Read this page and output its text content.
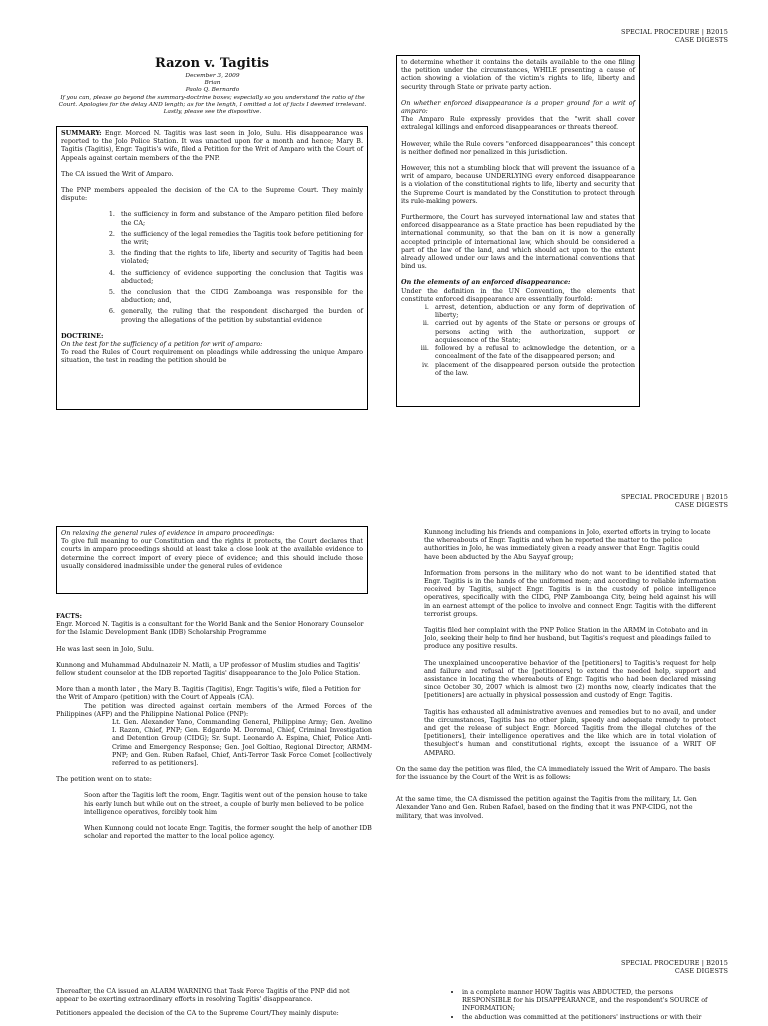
SPECIAL PROCEDURE | B2015
CASE DIGESTS
Razon v. Tagitis
December 3, 2009
Brian
Paolo Q. Bernardo
If you can, please go beyond the summary-doctrine boxes; especially so you understand the ratio of the Court. Apologies for the delay AND length; as for the length, I omitted a lot of facts I deemed irrelevant. Lastly, please see the dispositive.

SUMMARY: Engr. Morced N. Tagitis was last seen in Jolo, Sulu. His disappearance was reported to the Jolo Police Station. It was unacted upon for a month and hence; Mary B. Tagitis (Tagitis), Engr. Tagitis's wife, filed a Petition for the Writ of Amparo with the Court of Appeals against certain members of the the PNP.

The CA issued the Writ of Amparo.

The PNP members appealed the decision of the CA to the Supreme Court. They mainly dispute:

1. the sufficiency in form and substance of the Amparo petition filed before the CA;
2. the sufficiency of the legal remedies the Tagitis took before petitioning for the writ;
3. the finding that the rights to life, liberty and security of Tagitis had been violated;
4. the sufficiency of evidence supporting the conclusion that Tagitis was abducted;
5. the conclusion that the CIDG Zamboanga was responsible for the abduction; and,
6. generally, the ruling that the respondent discharged the burden of proving the allegations of the petition by substantial evidence
DOCTRINE:
On the test for the sufficiency of a petition for writ of amparo:
To read the Rules of Court requirement on pleadings while addressing the unique Amparo situation, the test in reading the petition should be

to determine whether it contains the details available to the one filing the petition under the circumstances, WHILE presenting a cause of action showing a violation of the victim's rights to life, liberty and security through State or private party action.

On whether enforced disappearance is a proper ground for a writ of amparo:

The Amparo Rule expressly provides that the "writ shall cover extralegal killings and enforced disappearances or threats thereof.

However, while the Rule covers "enforced disappearances" this concept is neither defined nor penalized in this jurisdiction.

However, this not a stumbling block that will prevent the issuance of a writ of amparo, because UNDERLYING every enforced disappearance is a violation of the constitutional rights to life, liberty and security that the Supreme Court is mandated by the Constitution to protect through its rule-making powers.

Furthermore, the Court has surveyed international law and states that enforced disappearance as a State practice has been repudiated by the international community, so that the ban on it is now a generally accepted principle of international law, which should be considered a part of the law of the land, and which should act upon to the extent already allowed under our laws and the international conventions that bind us.

On the elements of an enforced disappearance:
Under the definition in the UN Convention, the elements that constitute enforced disappearance are essentially fourfold:
i. arrest, detention, abduction or any form of deprivation of liberty;
ii. carried out by agents of the State or persons or groups of persons acting with the authorization, support or acquiescence of the State;
iii. followed by a refusal to acknowledge the detention, or a concealment of the fate of the disappeared person; and
iv. placement of the disappeared person outside the protection of the law.
SPECIAL PROCEDURE | B2015
CASE DIGESTS
On relaxing the general rules of evidence in amparo proceedings:
To give full meaning to our Constitution and the rights it protects, the Court declares that courts in amparo proceedings should at least take a close look at the available evidence to determine the correct import of every piece of evidence; and this should include those usually considered inadmissible under the general rules of evidence
FACTS:

Engr. Morced N. Tagitis is a consultant for the World Bank and the Senior Honorary Counselor for the Islamic Development Bank (IDB) Scholarship Programme

He was last seen in Jolo, Sulu.

Kunnong and Muhammad Abdulnazeir N. Matli, a UP professor of Muslim studies and Tagitis' fellow student counselor at the IDB reported Tagitis' disappearance to the Jolo Police Station.

More than a month later , the Mary B. Tagitis (Tagitis), Engr. Tagitis's wife, filed a Petition for the Writ of Amparo (petition) with the Court of Appeals (CA).

The petition was directed against certain members of the Armed Forces of the Philippines (AFP) and the Philippine National Police (PNP):

Lt. Gen. Alexander Yano, Commanding General, Philippine Army; Gen. Avelino I. Razon, Chief, PNP; Gen. Edgardo M. Doromal, Chief, Criminal Investigation and Detention Group (CIDG); Sr. Supt. Leonardo A. Espina, Chief, Police Anti-Crime and Emergency Response; Gen. Joel Goltiao, Regional Director, ARMM-PNP; and Gen. Ruben Rafael, Chief, Anti-Terror Task Force Comet [collectively referred to as petitioners].

The petition went on to state:

Soon after the Tagitis left the room, Engr. Tagitis went out of the pension house to take his early lunch but while out on the street, a couple of burly men believed to be police intelligence operatives, forcibly took him

When Kunnong could not locate Engr. Tagitis, the former sought the help of another IDB scholar and reported the matter to the local police agency.

Kunnong including his friends and companions in Jolo, exerted efforts in trying to locate the whereabouts of Engr. Tagitis and when he reported the matter to the police authorities in Jolo, he was immediately given a ready answer that Engr. Tagitis could have been abducted by the Abu Sayyaf group;

Information from persons in the military who do not want to be identified stated that Engr. Tagitis is in the hands of the uniformed men; and according to reliable information received by Tagitis, subject Engr. Tagitis is in the custody of police intelligence operatives, specifically with the CIDG, PNP Zamboanga City, being held against his will in an earnest attempt of the police to involve and connect Engr. Tagitis with the different terrorist groups.

Tagitis filed her complaint with the PNP Police Station in the ARMM in Cotobato and in Jolo, seeking their help to find her husband, but Tagitis's request and pleadings failed to produce any positive results.

The unexplained uncooperative behavior of the [petitioners] to Tagitis's request for help and failure and refusal of the [petitioners] to extend the needed help, support and assistance in locating the whereabouts of Engr. Tagitis who had been declared missing since October 30, 2007 which is almost two (2) months now, clearly indicates that the [petitioners] are actually in physical possession and custody of Engr. Tagitis.

Tagitis has exhausted all administrative avenues and remedies but to no avail, and under the circumstances, Tagitis has no other plain, speedy and adequate remedy to protect and get the release of subject Engr. Morced Tagitis from the illegal clutches of the [petitioners], their intelligence operatives and the like which are in total violation of thesubject's human and constitutional rights, except the issuance of a WRIT OF AMPARO.

On the same day the petition was filed, the CA immediately issued the Writ of Amparo. The basis for the issuance by the Court of the Writ is as follows:

At the same time, the CA dismissed the petition against the Tagitis from the military, Lt. Gen Alexander Yano and Gen. Ruben Rafael, based on the finding that it was PNP-CIDG, not the military, that was involved.

SPECIAL PROCEDURE | B2015
CASE DIGESTS

Thereafter, the CA issued an ALARM WARNING that Task Force Tagitis of the PNP did not appear to be exerting extraordinary efforts in resolving Tagitis' disappearance.

Petitioners appealed the decision of the CA to the Supreme Court/They mainly dispute:

• in a complete manner HOW Tagitis was ABDUCTED, the persons RESPONSIBLE for his DISAPPEARANCE, and the respondent's SOURCE of INFORMATION;
• the abduction was committed at the petitioners' instructions or with their
